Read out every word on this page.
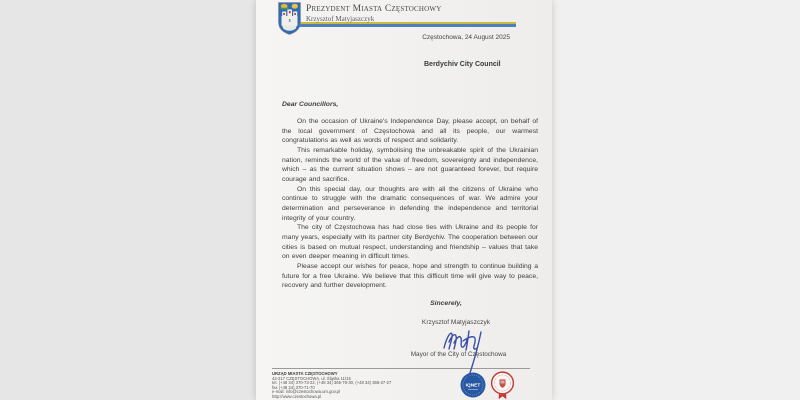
Prezydent Miasta Częstochowy
Krzysztof Matyjaszczyk
Częstochowa, 24 August 2025
Berdychiv City Council

Dear Councillors,

On the occasion of Ukraine's Independence Day, please accept, on behalf of the local government of Częstochowa and all its people, our warmest congratulations as well as words of respect and solidarity.

This remarkable holiday, symbolising the unbreakable spirit of the Ukrainian nation, reminds the world of the value of freedom, sovereignty and independence, which – as the current situation shows – are not guaranteed forever, but require courage and sacrifice.

On this special day, our thoughts are with all the citizens of Ukraine who continue to struggle with the dramatic consequences of war. We admire your determination and perseverance in defending the independence and territorial integrity of your country.

The city of Częstochowa has had close ties with Ukraine and its people for many years, especially with its partner city Berdychiv. The cooperation between our cities is based on mutual respect, understanding and friendship – values that take on even deeper meaning in difficult times.

Please accept our wishes for peace, hope and strength to continue building a future for a free Ukraine. We believe that this difficult time will give way to peace, recovery and further development.

Sincerely,
Krzysztof Matyjaszczyk
Mayor of the City of Częstochowa

URZĄD MIASTA CZĘSTOCHOWY

42-217 CZĘSTOCHOWA, ul. Śląska 11/15

tel. (+48 34) 370-73-22, (+48 34) 365-78-30, (+48 34) 366-27-27

fax (+48 34) 370-71-70

e-mail: info@czestochowa.um.gov.pl

http://www.czestochowa.pl

IQNET
